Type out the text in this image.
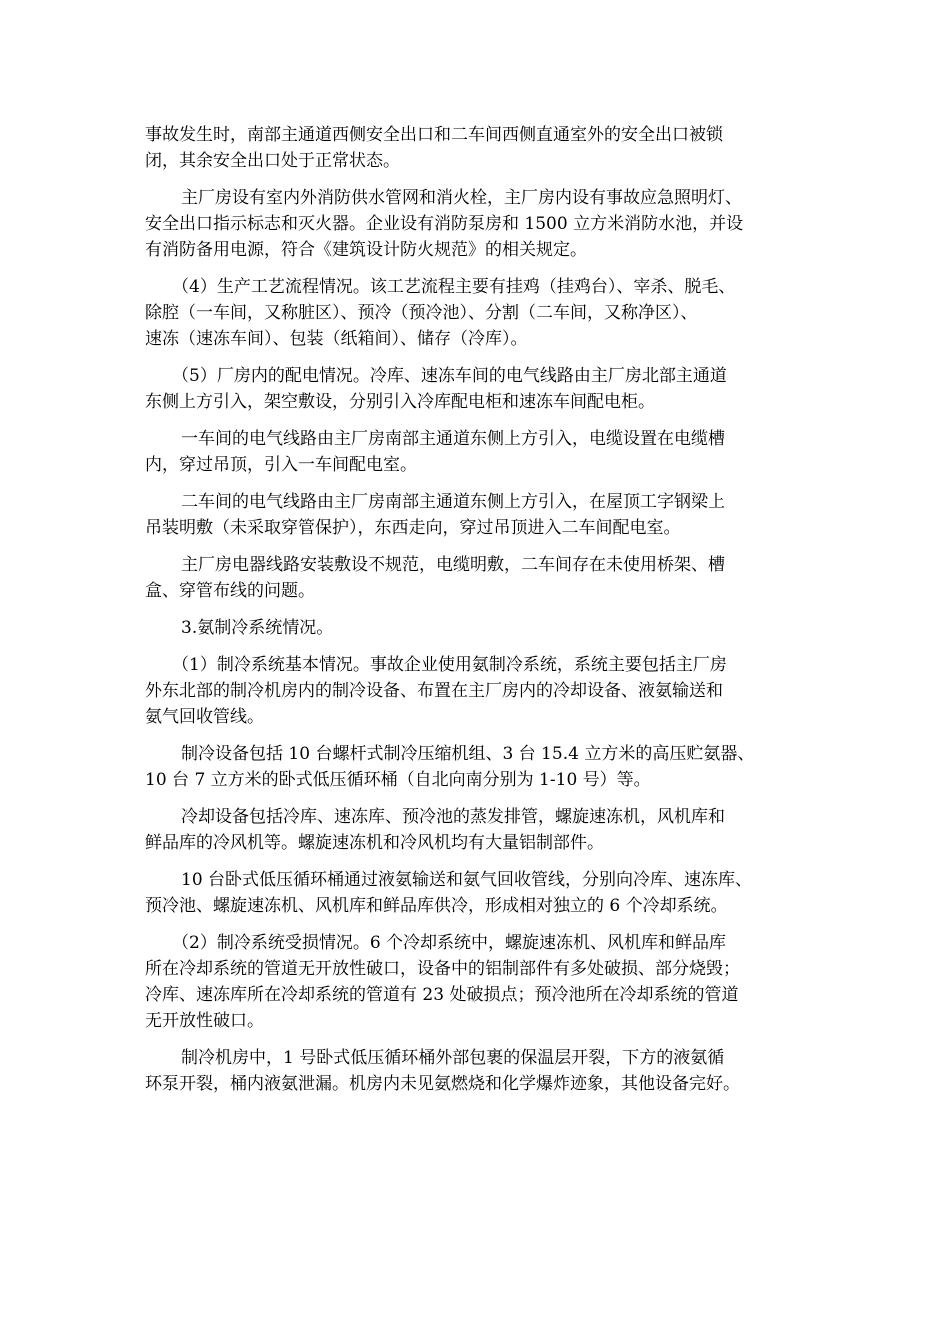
事故发生时，南部主通道西侧安全出口和二车间西侧直通室外的安全出口被锁
闭，其余安全出口处于正常状态。
主厂房设有室内外消防供水管网和消火栓，主厂房内设有事故应急照明灯、
安全出口指示标志和灭火器。企业设有消防泵房和 1500 立方米消防水池，并设
有消防备用电源，符合《建筑设计防火规范》的相关规定。
（4）生产工艺流程情况。该工艺流程主要有挂鸡（挂鸡台）、宰杀、脱毛、
除腔（一车间，又称脏区）、预冷（预冷池）、分割（二车间，又称净区）、
速冻（速冻车间）、包装（纸箱间）、储存（冷库）。
（5）厂房内的配电情况。冷库、速冻车间的电气线路由主厂房北部主通道
东侧上方引入，架空敷设，分别引入冷库配电柜和速冻车间配电柜。
一车间的电气线路由主厂房南部主通道东侧上方引入，电缆设置在电缆槽
内，穿过吊顶，引入一车间配电室。
二车间的电气线路由主厂房南部主通道东侧上方引入，在屋顶工字钢梁上
吊装明敷（未采取穿管保护），东西走向，穿过吊顶进入二车间配电室。
主厂房电器线路安装敷设不规范，电缆明敷，二车间存在未使用桥架、槽
盒、穿管布线的问题。
3.氨制冷系统情况。
（1）制冷系统基本情况。事故企业使用氨制冷系统，系统主要包括主厂房
外东北部的制冷机房内的制冷设备、布置在主厂房内的冷却设备、液氨输送和
氨气回收管线。
制冷设备包括 10 台螺杆式制冷压缩机组、3 台 15.4 立方米的高压贮氨器、
10 台 7 立方米的卧式低压循环桶（自北向南分别为 1-10 号）等。
冷却设备包括冷库、速冻库、预冷池的蒸发排管，螺旋速冻机，风机库和
鲜品库的冷风机等。螺旋速冻机和冷风机均有大量铝制部件。
10 台卧式低压循环桶通过液氨输送和氨气回收管线，分别向冷库、速冻库、
预冷池、螺旋速冻机、风机库和鲜品库供冷，形成相对独立的 6 个冷却系统。
（2）制冷系统受损情况。6 个冷却系统中，螺旋速冻机、风机库和鲜品库
所在冷却系统的管道无开放性破口，设备中的铝制部件有多处破损、部分烧毁；
冷库、速冻库所在冷却系统的管道有 23 处破损点；预冷池所在冷却系统的管道
无开放性破口。
制冷机房中，1 号卧式低压循环桶外部包裹的保温层开裂，下方的液氨循
环泵开裂，桶内液氨泄漏。机房内未见氨燃烧和化学爆炸迹象，其他设备完好。
